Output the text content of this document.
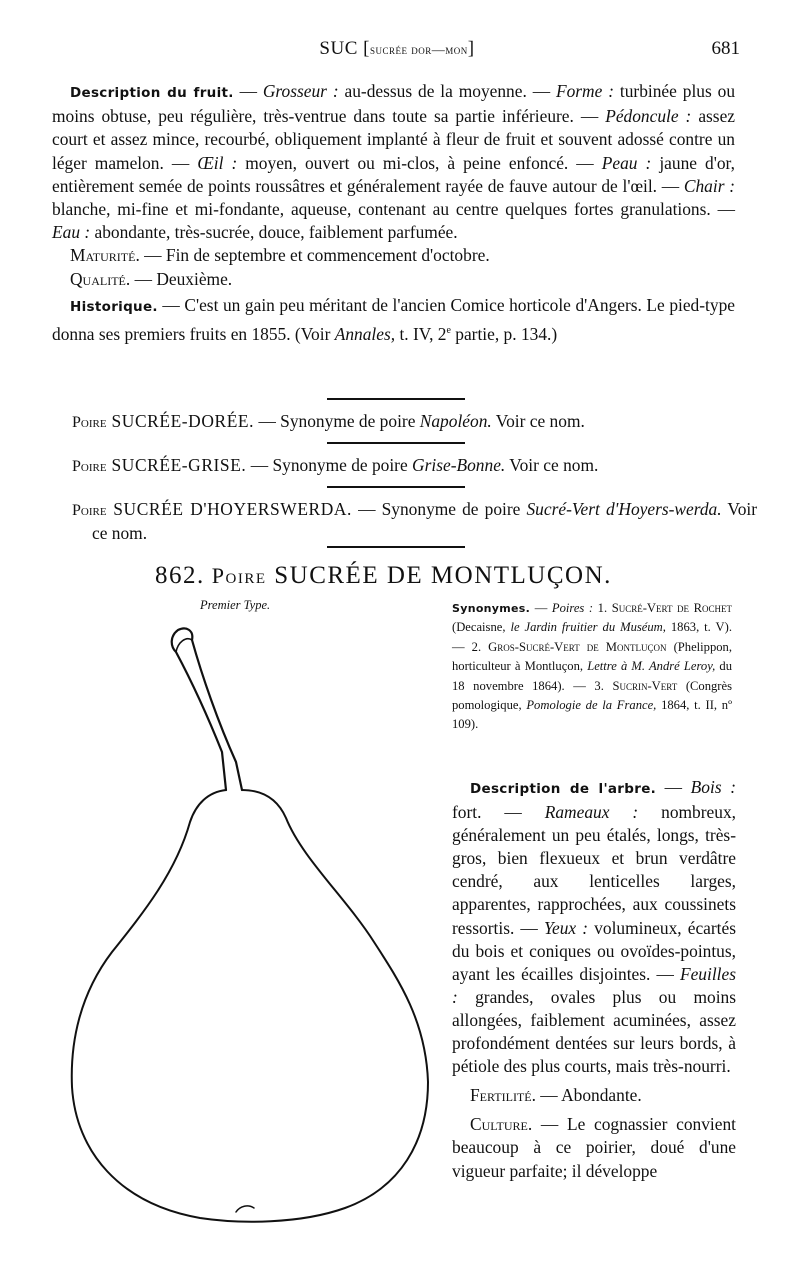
SUC [sucrée dor—mon]	681

Description du fruit. — Grosseur : au-dessus de la moyenne. — Forme : turbinée plus ou moins obtuse, peu régulière, très-ventrue dans toute sa partie inférieure. — Pédoncule : assez court et assez mince, recourbé, obliquement implanté à fleur de fruit et souvent adossé contre un léger mamelon. — Œil : moyen, ouvert ou mi-clos, à peine enfoncé. — Peau : jaune d'or, entièrement semée de points roussâtres et généralement rayée de fauve autour de l'œil. — Chair : blanche, mi-fine et mi-fondante, aqueuse, contenant au centre quelques fortes granulations. — Eau : abondante, très-sucrée, douce, faiblement parfumée.

Maturité. — Fin de septembre et commencement d'octobre.

Qualité. — Deuxième.

Historique. — C'est un gain peu méritant de l'ancien Comice horticole d'Angers. Le pied-type donna ses premiers fruits en 1855. (Voir Annales, t. IV, 2e partie, p. 134.)

Poire SUCRÉE-DORÉE. — Synonyme de poire Napoléon. Voir ce nom.
Poire SUCRÉE-GRISE. — Synonyme de poire Grise-Bonne. Voir ce nom.
Poire SUCRÉE D'HOYERSWERDA. — Synonyme de poire Sucré-Vert d'Hoyers-werda. Voir ce nom.
862. Poire SUCRÉE DE MONTLUÇON.
Premier Type.	Synonymes. — Poires : 1. Sucré-Vert de Rochet (Decaisne, le Jardin fruitier du Muséum, 1863, t. V). — 2. Gros-Sucré-Vert de Montluçon (Phelippon, horticulteur à Montluçon, Lettre à M. André Leroy, du 18 novembre 1864). — 3. Sucrin-Vert (Congrès pomologique, Pomologie de la France, 1864, t. II, nº 109).

Description de l'arbre. — Bois : fort. — Rameaux : nombreux, généralement un peu étalés, longs, très-gros, bien flexueux et brun verdâtre cendré, aux lenticelles larges, apparentes, rapprochées, aux coussinets ressortis. — Yeux : volumineux, écartés du bois et coniques ou ovoïdes-pointus, ayant les écailles disjointes. — Feuilles : grandes, ovales plus ou moins allongées, faiblement acuminées, assez profondément dentées sur leurs bords, à pétiole des plus courts, mais très-nourri.

Fertilité. — Abondante.

Culture. — Le cognassier convient beaucoup à ce poirier, doué d'une vigueur parfaite; il développe
